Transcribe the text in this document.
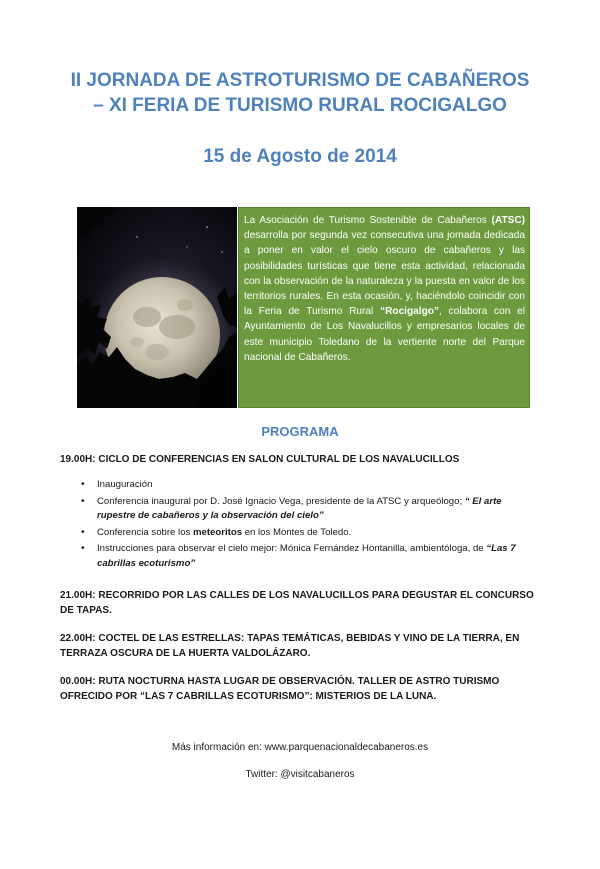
II JORNADA DE ASTROTURISMO DE CABAÑEROS
– XI FERIA DE TURISMO RURAL ROCIGALGO
15 de Agosto de 2014
La Asociación de Turismo Sostenible de Cabañeros (ATSC) desarrolla por segunda vez consecutiva una jornada dedicada a poner en valor el cielo oscuro de cabañeros y las posibilidades turísticas que tiene esta actividad, relacionada con la observación de la naturaleza y la puesta en valor de los territorios rurales. En esta ocasión, y, haciéndolo coincidir con la Feria de Turismo Rural “Rocigalgo”, colabora con el Ayuntamiento de Los Navalucillos y empresarios locales de este municipio Toledano de la vertiente norte del Parque nacional de Cabañeros.
PROGRAMA
19.00H: CICLO DE CONFERENCIAS EN SALON CULTURAL DE LOS NAVALUCILLOS
• Inauguración
• Conferencia inaugural por D. José Ignacio Vega, presidente de la ATSC y arqueólogo; “ El arte rupestre de cabañeros y la observación del cielo”
• Conferencia sobre los meteoritos en los Montes de Toledo.
• Instrucciones para observar el cielo mejor: Mónica Fernández Hontanilla, ambientóloga, de “Las 7 cabrillas ecoturismo”
21.00H: RECORRIDO POR LAS CALLES DE LOS NAVALUCILLOS PARA DEGUSTAR EL CONCURSO DE TAPAS.
22.00H: COCTEL DE LAS ESTRELLAS: TAPAS TEMÁTICAS, BEBIDAS Y VINO DE LA TIERRA, EN TERRAZA OSCURA DE LA HUERTA VALDOLÁZARO.
00.00H: RUTA NOCTURNA HASTA LUGAR DE OBSERVACIÓN. TALLER DE ASTRO TURISMO OFRECIDO POR “LAS 7 CABRILLAS ECOTURISMO”: MISTERIOS DE LA LUNA.
Más información en: www.parquenacionaldecabaneros.es
Twitter: @visitcabaneros
